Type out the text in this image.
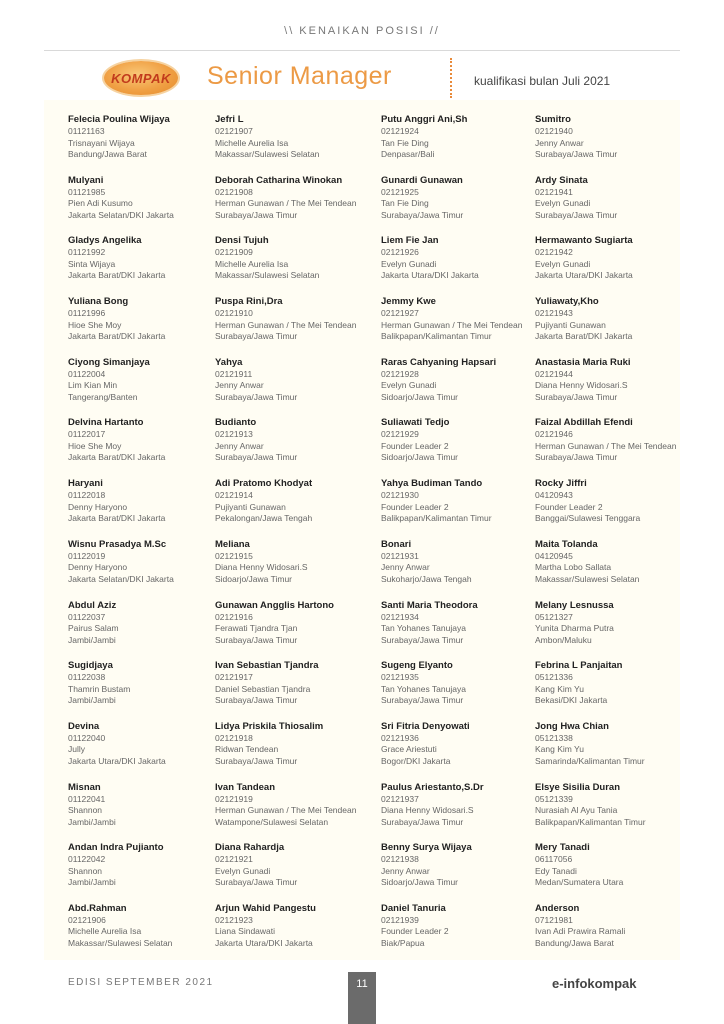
\\ KENAIKAN POSISI //
KOMPAK Senior Manager	kualifikasi bulan Juli 2021
Felecia Poulina Wijaya
01121163
Trisnayani Wijaya
Bandung/Jawa Barat
Mulyani
01121985
Pien Adi Kusumo
Jakarta Selatan/DKI Jakarta
Gladys Angelika
01121992
Sinta Wijaya
Jakarta Barat/DKI Jakarta
Yuliana Bong
01121996
Hioe She Moy
Jakarta Barat/DKI Jakarta
Ciyong Simanjaya
01122004
Lim Kian Min
Tangerang/Banten
Delvina Hartanto
01122017
Hioe She Moy
Jakarta Barat/DKI Jakarta
Haryani
01122018
Denny Haryono
Jakarta Barat/DKI Jakarta
Wisnu Prasadya M.Sc
01122019
Denny Haryono
Jakarta Selatan/DKI Jakarta
Abdul Aziz
01122037
Pairus Salam
Jambi/Jambi
Sugidjaya
01122038
Thamrin Bustam
Jambi/Jambi
Devina
01122040
Jully
Jakarta Utara/DKI Jakarta
Misnan
01122041
Shannon
Jambi/Jambi
Andan Indra Pujianto
01122042
Shannon
Jambi/Jambi
Abd.Rahman
02121906
Michelle Aurelia Isa
Makassar/Sulawesi Selatan
Jefri L
02121907
Michelle Aurelia Isa
Makassar/Sulawesi Selatan
Deborah Catharina Winokan
02121908
Herman Gunawan / The Mei Tendean
Surabaya/Jawa Timur
Densi Tujuh
02121909
Michelle Aurelia Isa
Makassar/Sulawesi Selatan
Puspa Rini,Dra
02121910
Herman Gunawan / The Mei Tendean
Surabaya/Jawa Timur
Yahya
02121911
Jenny Anwar
Surabaya/Jawa Timur
Budianto
02121913
Jenny Anwar
Surabaya/Jawa Timur
Adi Pratomo Khodyat
02121914
Pujiyanti Gunawan
Pekalongan/Jawa Tengah
Meliana
02121915
Diana Henny Widosari.S
Sidoarjo/Jawa Timur
Gunawan Angglis Hartono
02121916
Ferawati Tjandra Tjan
Surabaya/Jawa Timur
Ivan Sebastian Tjandra
02121917
Daniel Sebastian Tjandra
Surabaya/Jawa Timur
Lidya Priskila Thiosalim
02121918
Ridwan Tendean
Surabaya/Jawa Timur
Ivan Tandean
02121919
Herman Gunawan / The Mei Tendean
Watampone/Sulawesi Selatan
Diana Rahardja
02121921
Evelyn Gunadi
Surabaya/Jawa Timur
Arjun Wahid Pangestu
02121923
Liana Sindawati
Jakarta Utara/DKI Jakarta
Putu Anggri Ani,Sh
02121924
Tan Fie Ding
Denpasar/Bali
Gunardi Gunawan
02121925
Tan Fie Ding
Surabaya/Jawa Timur
Liem Fie Jan
02121926
Evelyn Gunadi
Jakarta Utara/DKI Jakarta
Jemmy Kwe
02121927
Herman Gunawan / The Mei Tendean
Balikpapan/Kalimantan Timur
Raras Cahyaning Hapsari
02121928
Evelyn Gunadi
Sidoarjo/Jawa Timur
Suliawati Tedjo
02121929
Founder Leader 2
Sidoarjo/Jawa Timur
Yahya Budiman Tando
02121930
Founder Leader 2
Balikpapan/Kalimantan Timur
Bonari
02121931
Jenny Anwar
Sukoharjo/Jawa Tengah
Santi Maria Theodora
02121934
Tan Yohanes Tanujaya
Surabaya/Jawa Timur
Sugeng Elyanto
02121935
Tan Yohanes Tanujaya
Surabaya/Jawa Timur
Sri Fitria Denyowati
02121936
Grace Ariestuti
Bogor/DKI Jakarta
Paulus Ariestanto,S.Dr
02121937
Diana Henny Widosari.S
Surabaya/Jawa Timur
Benny Surya Wijaya
02121938
Jenny Anwar
Sidoarjo/Jawa Timur
Daniel Tanuria
02121939
Founder Leader 2
Biak/Papua
Sumitro
02121940
Jenny Anwar
Surabaya/Jawa Timur
Ardy Sinata
02121941
Evelyn Gunadi
Surabaya/Jawa Timur
Hermawanto Sugiarta
02121942
Evelyn Gunadi
Jakarta Utara/DKI Jakarta
Yuliawaty,Kho
02121943
Pujiyanti Gunawan
Jakarta Barat/DKI Jakarta
Anastasia Maria Ruki
02121944
Diana Henny Widosari.S
Surabaya/Jawa Timur
Faizal Abdillah Efendi
02121946
Herman Gunawan / The Mei Tendean
Surabaya/Jawa Timur
Rocky Jiffri
04120943
Founder Leader 2
Banggai/Sulawesi Tenggara
Maita Tolanda
04120945
Martha Lobo Sallata
Makassar/Sulawesi Selatan
Melany Lesnussa
05121327
Yunita Dharma Putra
Ambon/Maluku
Febrina L Panjaitan
05121336
Kang Kim Yu
Bekasi/DKI Jakarta
Jong Hwa Chian
05121338
Kang Kim Yu
Samarinda/Kalimantan Timur
Elsye Sisilia Duran
05121339
Nurasiah Al Ayu Tania
Balikpapan/Kalimantan Timur
Mery Tanadi
06117056
Edy Tanadi
Medan/Sumatera Utara
Anderson
07121981
Ivan Adi Prawira Ramali
Bandung/Jawa Barat
EDISI SEPTEMBER 2021	11	e-infokompak
